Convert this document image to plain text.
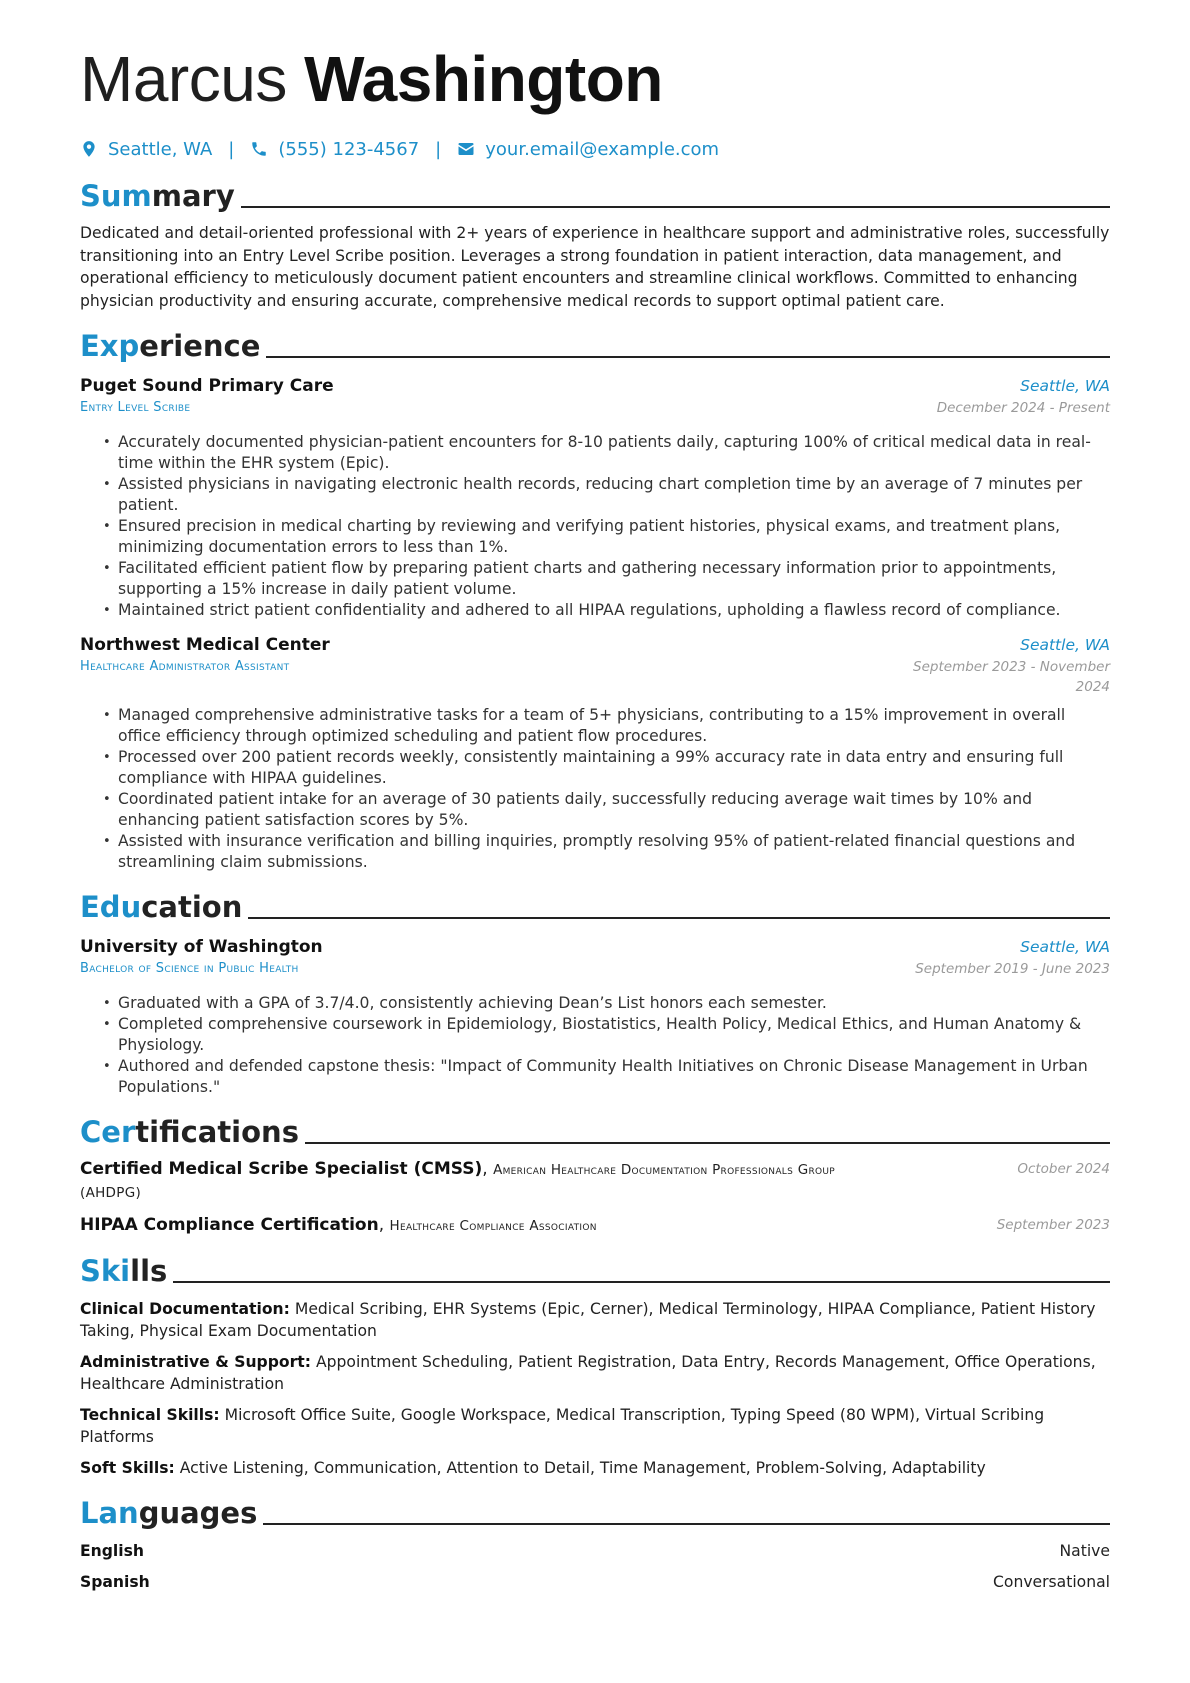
Marcus Washington
Seattle, WA | (555) 123-4567 | your.email@example.com
Summary

Dedicated and detail-oriented professional with 2+ years of experience in healthcare support and administrative roles, successfully transitioning into an Entry Level Scribe position. Leverages a strong foundation in patient interaction, data management, and operational efficiency to meticulously document patient encounters and streamline clinical workflows. Committed to enhancing physician productivity and ensuring accurate, comprehensive medical records to support optimal patient care.

Experience
Puget Sound Primary Care	Seattle, WA
Entry Level Scribe	December 2024 - Present
• Accurately documented physician-patient encounters for 8-10 patients daily, capturing 100% of critical medical data in real-time within the EHR system (Epic).
• Assisted physicians in navigating electronic health records, reducing chart completion time by an average of 7 minutes per patient.
• Ensured precision in medical charting by reviewing and verifying patient histories, physical exams, and treatment plans, minimizing documentation errors to less than 1%.
• Facilitated efficient patient flow by preparing patient charts and gathering necessary information prior to appointments, supporting a 15% increase in daily patient volume.
• Maintained strict patient confidentiality and adhered to all HIPAA regulations, upholding a flawless record of compliance.
Northwest Medical Center	Seattle, WA
Healthcare Administrator Assistant	September 2023 - November 2024
• Managed comprehensive administrative tasks for a team of 5+ physicians, contributing to a 15% improvement in overall office efficiency through optimized scheduling and patient flow procedures.
• Processed over 200 patient records weekly, consistently maintaining a 99% accuracy rate in data entry and ensuring full compliance with HIPAA guidelines.
• Coordinated patient intake for an average of 30 patients daily, successfully reducing average wait times by 10% and enhancing patient satisfaction scores by 5%.
• Assisted with insurance verification and billing inquiries, promptly resolving 95% of patient-related financial questions and streamlining claim submissions.
Education
University of Washington	Seattle, WA
Bachelor of Science in Public Health	September 2019 - June 2023
• Graduated with a GPA of 3.7/4.0, consistently achieving Dean’s List honors each semester.
• Completed comprehensive coursework in Epidemiology, Biostatistics, Health Policy, Medical Ethics, and Human Anatomy & Physiology.
• Authored and defended capstone thesis: "Impact of Community Health Initiatives on Chronic Disease Management in Urban Populations."
Certifications
Certified Medical Scribe Specialist (CMSS), American Healthcare Documentation Professionals Group (AHDPG)
October 2024
HIPAA Compliance Certification, Healthcare Compliance Association	September 2023
Skills
Clinical Documentation: Medical Scribing, EHR Systems (Epic, Cerner), Medical Terminology, HIPAA Compliance, Patient History Taking, Physical Exam Documentation
Administrative & Support: Appointment Scheduling, Patient Registration, Data Entry, Records Management, Office Operations, Healthcare Administration
Technical Skills: Microsoft Office Suite, Google Workspace, Medical Transcription, Typing Speed (80 WPM), Virtual Scribing Platforms
Soft Skills: Active Listening, Communication, Attention to Detail, Time Management, Problem-Solving, Adaptability
Languages
English	Native
Spanish	Conversational
